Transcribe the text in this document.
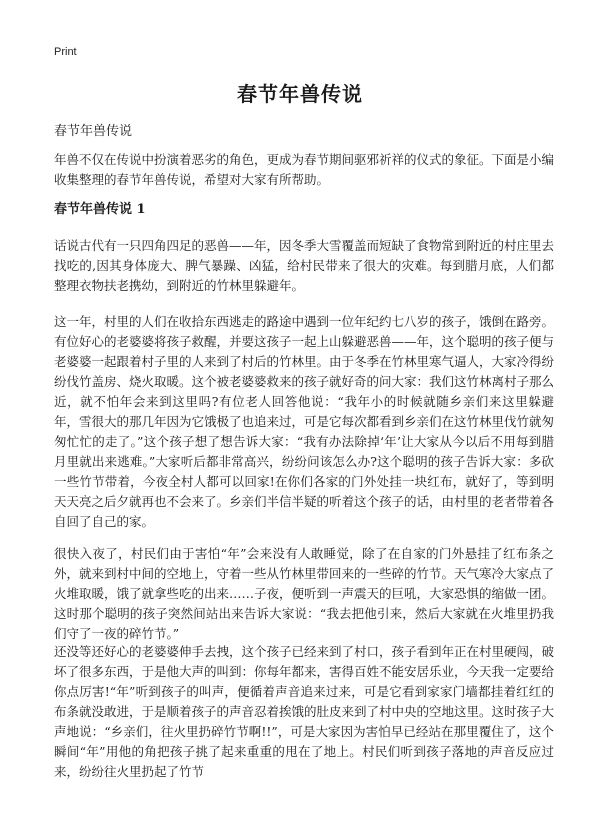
Print
春节年兽传说
春节年兽传说
年兽不仅在传说中扮演着恶劣的角色，更成为春节期间驱邪祈祥的仪式的象征。下面是小编收集整理的春节年兽传说，希望对大家有所帮助。
春节年兽传说 1
话说古代有一只四角四足的恶兽——年，因冬季大雪覆盖而短缺了食物常到附近的村庄里去找吃的,因其身体庞大、脾气暴躁、凶猛，给村民带来了很大的灾难。每到腊月底，人们都整理衣物扶老携幼，到附近的竹林里躲避年。
这一年，村里的人们在收拾东西逃走的路途中遇到一位年纪约七八岁的孩子，饿倒在路旁。有位好心的老婆婆将孩子救醒，并要这孩子一起上山躲避恶兽——年，这个聪明的孩子便与老婆婆一起跟着村子里的人来到了村后的竹林里。由于冬季在竹林里寒气逼人，大家冷得纷纷伐竹盖房、烧火取暖。这个被老婆婆救来的孩子就好奇的问大家：我们这竹林离村子那么近，就不怕年会来到这里吗?有位老人回答他说：“我年小的时候就随乡亲们来这里躲避年，雪很大的那几年因为它饿极了也追来过，可是它每次都看到乡亲们在这竹林里伐竹就匆匆忙忙的走了。”这个孩子想了想告诉大家：“我有办法除掉‘年’让大家从今以后不用每到腊月里就出来逃难。”大家听后都非常高兴，纷纷问该怎么办?这个聪明的孩子告诉大家：多砍一些竹节带着，今夜全村人都可以回家!在你们各家的门外处挂一块红布，就好了，等到明天天亮之后夕就再也不会来了。乡亲们半信半疑的听着这个孩子的话，由村里的老者带着各自回了自己的家。
很快入夜了，村民们由于害怕“年”会来没有人敢睡觉，除了在自家的门外悬挂了红布条之外，就来到村中间的空地上，守着一些从竹林里带回来的一些碎的竹节。天气寒冷大家点了火堆取暖，饿了就拿些吃的出来……子夜，便听到一声震天的巨吼，大家恐惧的缩做一团。这时那个聪明的孩子突然间站出来告诉大家说：“我去把他引来，然后大家就在火堆里扔我们守了一夜的碎竹节。”
还没等还好心的老婆婆伸手去拽，这个孩子已经来到了村口，孩子看到年正在村里硬闯，破坏了很多东西，于是他大声的叫到：你每年都来，害得百姓不能安居乐业，今天我一定要给你点厉害!“年”听到孩子的叫声，便循着声音追来过来，可是它看到家家门墙都挂着红红的布条就没敢进，于是顺着孩子的声音忍着挨饿的肚皮来到了村中央的空地这里。这时孩子大声地说：“乡亲们，往火里扔碎竹节啊!!”，可是大家因为害怕早已经站在那里覆住了，这个瞬间“年”用他的角把孩子挑了起来重重的甩在了地上。村民们听到孩子落地的声音反应过来，纷纷往火里扔起了竹节
